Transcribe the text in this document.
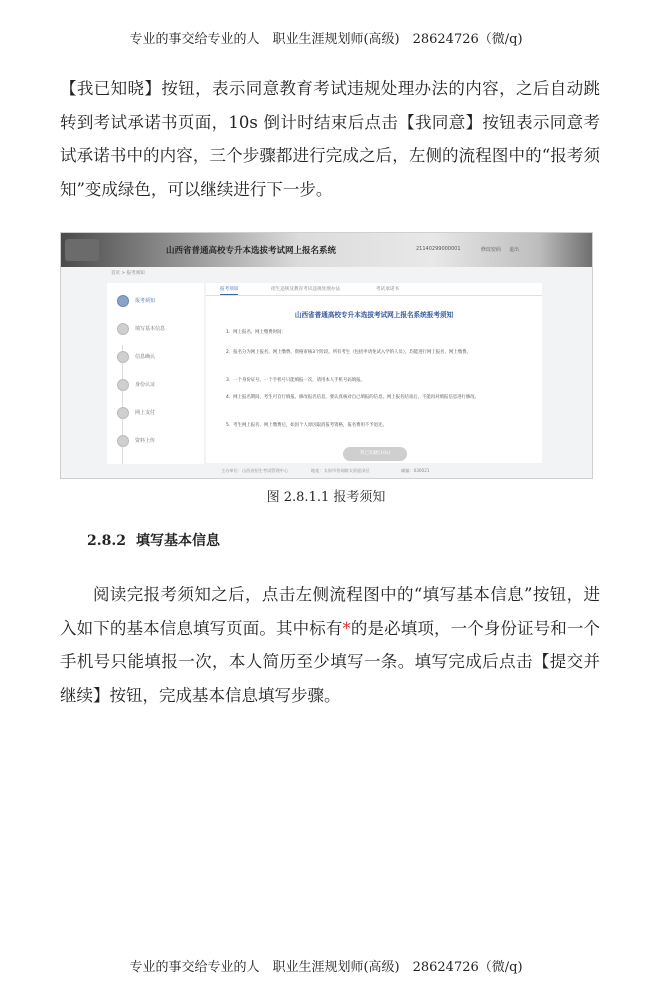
专业的事交给专业的人　职业生涯规划师(高级)　28624726（微/q)

【我已知晓】按钮，表示同意教育考试违规处理办法的内容，之后自动跳转到考试承诺书页面，10s 倒计时结束后点击【我同意】按钮表示同意考试承诺书中的内容，三个步骤都进行完成之后，左侧的流程图中的“报考须知”变成绿色，可以继续进行下一步。

山西省普通高校专升本选拔考试网上报名系统	21140299000001	修改密码 退出
首页 > 报考须知
报考须知
填写基本信息
信息确认
身份认证
网上支付
资料上传
报考须知	招生违规及教育考试违规处理办法	考试承诺书
山西省普通高校专升本选拔考试网上报名系统报考须知
1．网上报名、网上缴费时间：
2．报名分为网上报名、网上缴费、资格审核3个阶段。所有考生（包括申请免试入学的人员），均能进行网上报名、网上缴费。
3．一个身份证号、一个手机号只能填报一次，请用本人手机号码填报。
4．网上报名期间，考生可自行填报、修改报名信息，要认真核对自己填报的信息，网上报名结束后，不能再对填报信息进行修改。
5．考生网上报名、网上缴费后，如因个人原因取消报考资格，报名费用不予退还。
我已知晓(10s)
主办单位：山西省招生考试管理中心	地址：太原市晋祠路太原迎泽区	邮编：030021
图 2.8.1.1 报考须知
2.8.2 填写基本信息

阅读完报考须知之后，点击左侧流程图中的“填写基本信息”按钮，进入如下的基本信息填写页面。其中标有*的是必填项，一个身份证号和一个手机号只能填报一次，本人简历至少填写一条。填写完成后点击【提交并继续】按钮，完成基本信息填写步骤。

专业的事交给专业的人　职业生涯规划师(高级)　28624726（微/q)
